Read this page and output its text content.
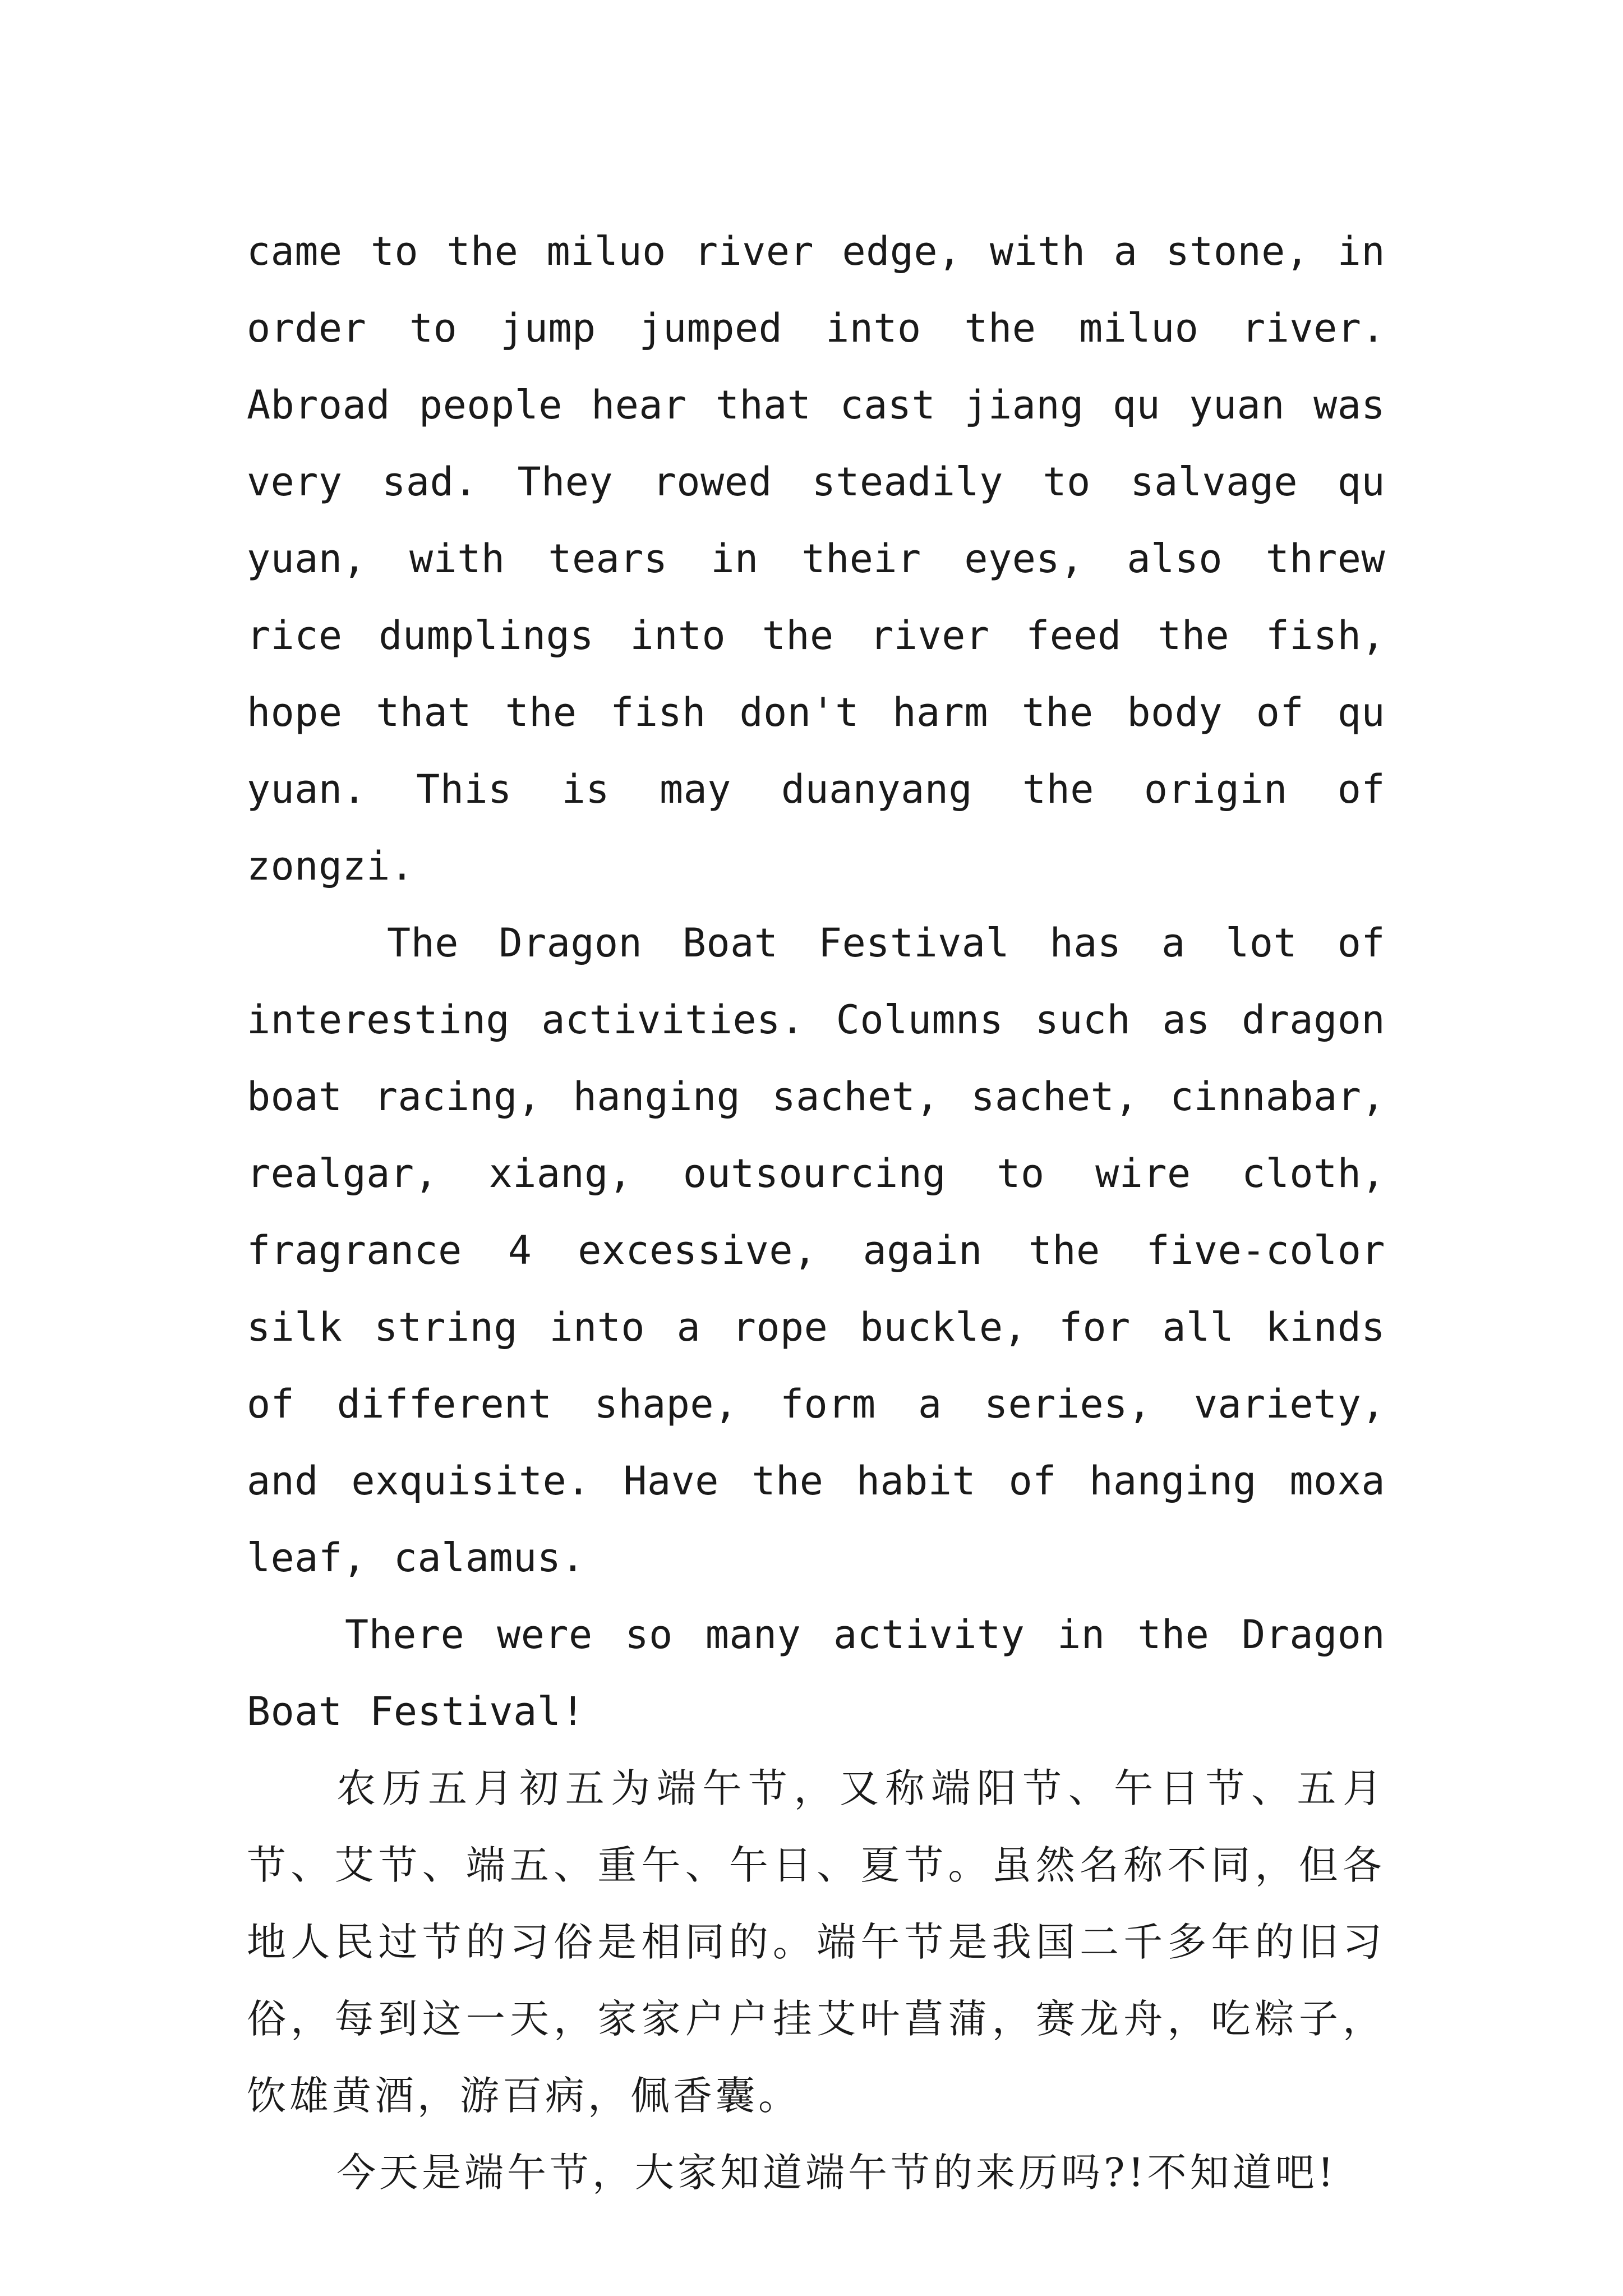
came to the miluo river edge, with a stone, in order to jump jumped into the miluo river. Abroad people hear that cast jiang qu yuan was very sad. They rowed steadily to salvage qu yuan, with tears in their eyes, also threw rice dumplings into the river feed the fish, hope that the fish don't harm the body of qu yuan. This is may duanyang the origin of zongzi.

The Dragon Boat Festival has a lot of interesting activities. Columns such as dragon boat racing, hanging sachet, sachet, cinnabar, realgar, xiang, outsourcing to wire cloth, fragrance 4 excessive, again the five-color silk string into a rope buckle, for all kinds of different shape, form a series, variety, and exquisite. Have the habit of hanging moxa leaf, calamus.

There were so many activity in the Dragon Boat Festival!

农历五月初五为端午节，又称端阳节、午日节、五月节、艾节、端五、重午、午日、夏节。虽然名称不同，但各地人民过节的习俗是相同的。端午节是我国二千多年的旧习俗，每到这一天，家家户户挂艾叶菖蒲，赛龙舟，吃粽子，饮雄黄酒，游百病，佩香囊。

今天是端午节，大家知道端午节的来历吗?!不知道吧!
